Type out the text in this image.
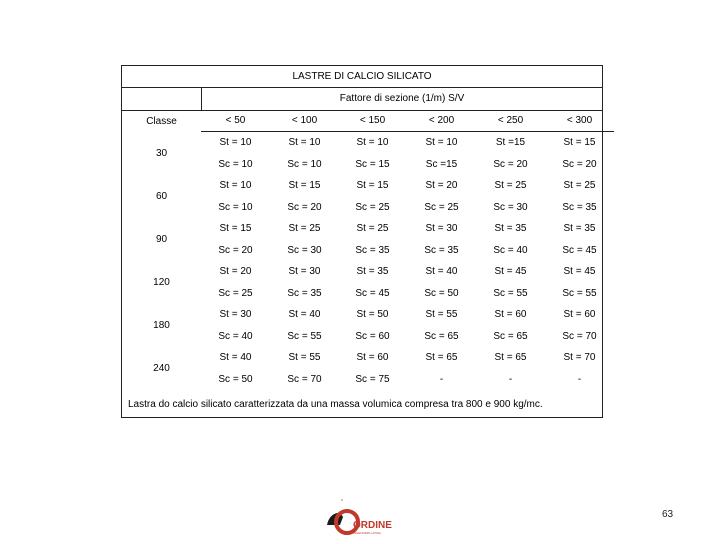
LASTRE DI CALCIO SILICATO
Fattore di sezione (1/m) S/V
Classe	< 50	< 100	< 150	< 200	< 250	< 300
30
St = 10	St = 10	St = 10	St = 10	St =15	St = 15
Sc = 10	Sc = 10	Sc = 15	Sc =15	Sc = 20	Sc = 20
60
St = 10	St = 15	St = 15	St = 20	St = 25	St = 25
Sc = 10	Sc = 20	Sc = 25	Sc = 25	Sc = 30	Sc = 35
90
St = 15	St = 25	St = 25	St = 30	St = 35	St = 35
Sc = 20	Sc = 30	Sc = 35	Sc = 35	Sc = 40	Sc = 45
120
St = 20	St = 30	St = 35	St = 40	St = 45	St = 45
Sc = 25	Sc = 35	Sc = 45	Sc = 50	Sc = 55	Sc = 55
180
St = 30	St = 40	St = 50	St = 55	St = 60	St = 60
Sc = 40	Sc = 55	Sc = 60	Sc = 65	Sc = 65	Sc = 70
240
St = 40	St = 55	St = 60	St = 65	St = 65	St = 70
Sc = 50	Sc = 70	Sc = 75	-	-	-
Lastra do calcio silicato caratterizzata da una massa volumica compresa tra 800 e 900 kg/mc.
*
ORDINE
INGEGNERI LATINA
63
